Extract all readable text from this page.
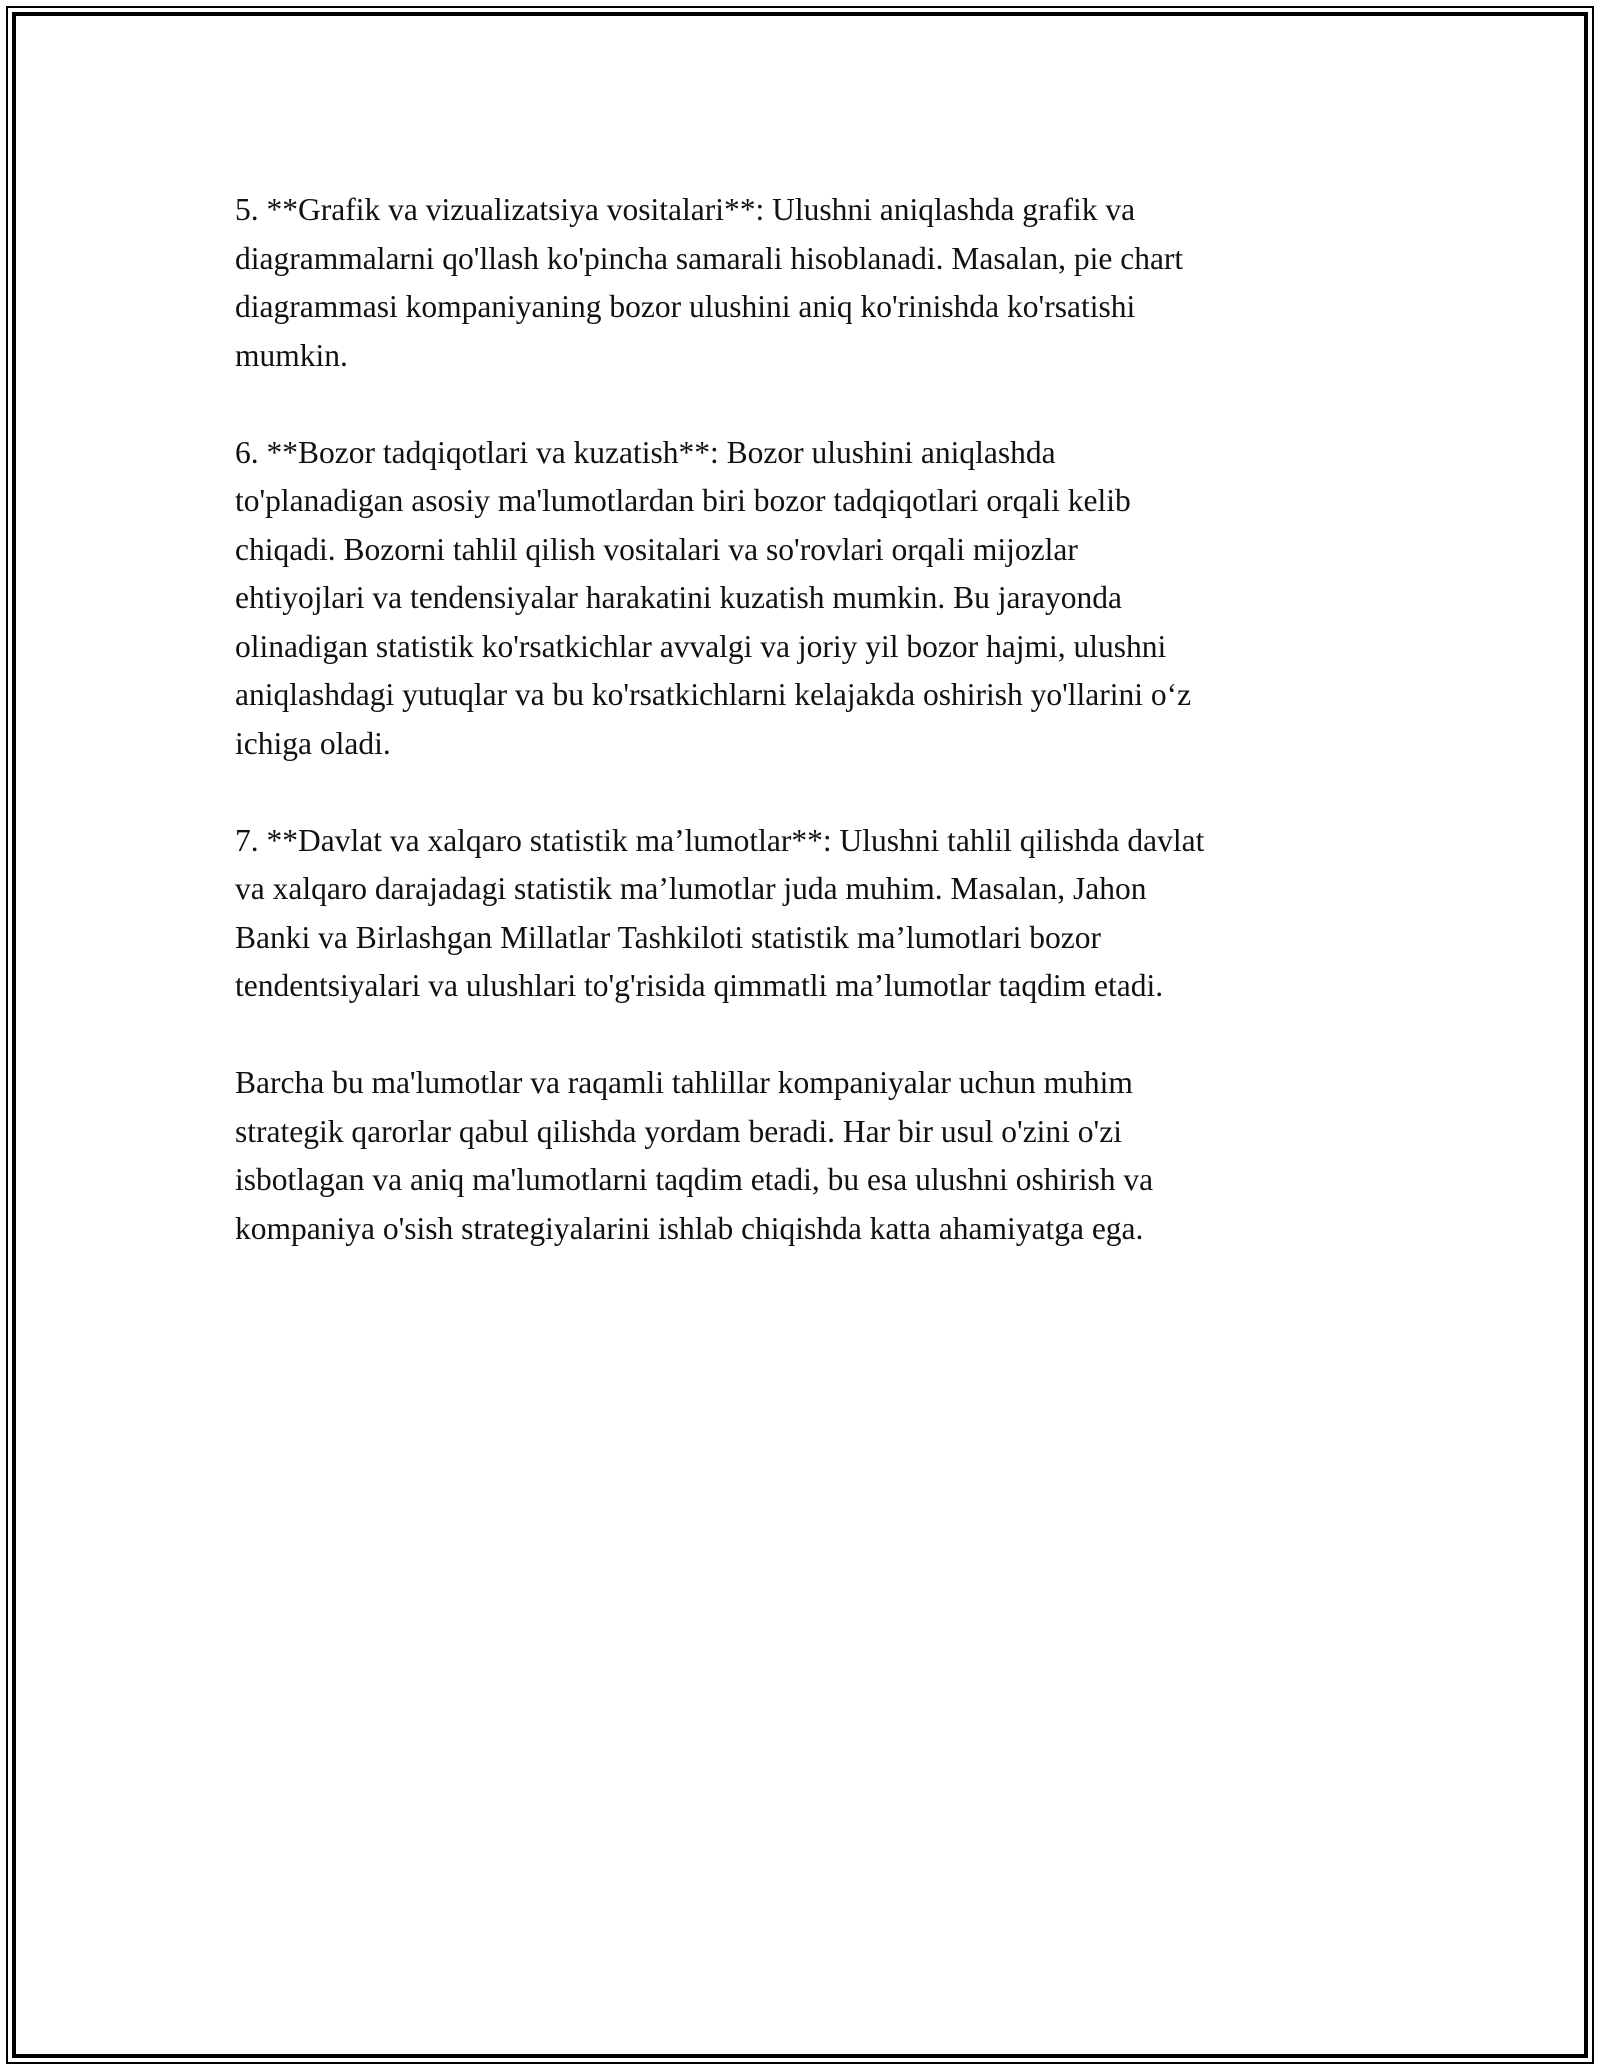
5. **Grafik va vizualizatsiya vositalari**: Ulushni aniqlashda grafik va
diagrammalarni qo'llash ko'pincha samarali hisoblanadi. Masalan, pie chart
diagrammasi kompaniyaning bozor ulushini aniq ko'rinishda ko'rsatishi
mumkin.

6. **Bozor tadqiqotlari va kuzatish**: Bozor ulushini aniqlashda
to'planadigan asosiy ma'lumotlardan biri bozor tadqiqotlari orqali kelib
chiqadi. Bozorni tahlil qilish vositalari va so'rovlari orqali mijozlar
ehtiyojlari va tendensiyalar harakatini kuzatish mumkin. Bu jarayonda
olinadigan statistik ko'rsatkichlar avvalgi va joriy yil bozor hajmi, ulushni
aniqlashdagi yutuqlar va bu ko'rsatkichlarni kelajakda oshirish yo'llarini o‘z
ichiga oladi.

7. **Davlat va xalqaro statistik ma’lumotlar**: Ulushni tahlil qilishda davlat
va xalqaro darajadagi statistik ma’lumotlar juda muhim. Masalan, Jahon
Banki va Birlashgan Millatlar Tashkiloti statistik ma’lumotlari bozor
tendentsiyalari va ulushlari to'g'risida qimmatli ma’lumotlar taqdim etadi.

Barcha bu ma'lumotlar va raqamli tahlillar kompaniyalar uchun muhim
strategik qarorlar qabul qilishda yordam beradi. Har bir usul o'zini o'zi
isbotlagan va aniq ma'lumotlarni taqdim etadi, bu esa ulushni oshirish va
kompaniya o'sish strategiyalarini ishlab chiqishda katta ahamiyatga ega.
